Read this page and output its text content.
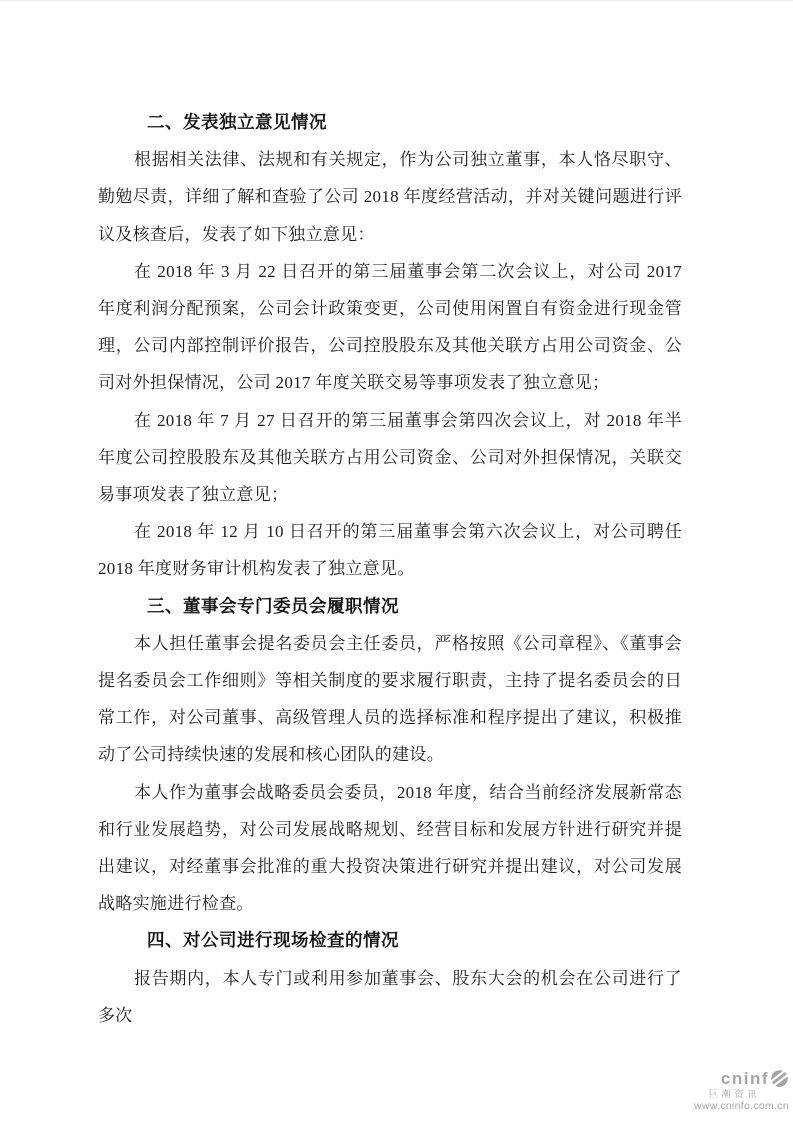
二、发表独立意见情况

根据相关法律、法规和有关规定，作为公司独立董事，本人恪尽职守、勤勉尽责，详细了解和查验了公司 2018 年度经营活动，并对关键问题进行评议及核查后，发表了如下独立意见：

在 2018 年 3 月 22 日召开的第三届董事会第二次会议上，对公司 2017 年度利润分配预案，公司会计政策变更，公司使用闲置自有资金进行现金管理，公司内部控制评价报告，公司控股股东及其他关联方占用公司资金、公司对外担保情况，公司 2017 年度关联交易等事项发表了独立意见；

在 2018 年 7 月 27 日召开的第三届董事会第四次会议上，对 2018 年半年度公司控股股东及其他关联方占用公司资金、公司对外担保情况，关联交易事项发表了独立意见；

在 2018 年 12 月 10 日召开的第三届董事会第六次会议上，对公司聘任 2018 年度财务审计机构发表了独立意见。

三、董事会专门委员会履职情况

本人担任董事会提名委员会主任委员，严格按照《公司章程》、《董事会提名委员会工作细则》等相关制度的要求履行职责，主持了提名委员会的日常工作，对公司董事、高级管理人员的选择标准和程序提出了建议，积极推动了公司持续快速的发展和核心团队的建设。

本人作为董事会战略委员会委员，2018 年度，结合当前经济发展新常态和行业发展趋势，对公司发展战略规划、经营目标和发展方针进行研究并提出建议，对经董事会批准的重大投资决策进行研究并提出建议，对公司发展战略实施进行检查。

四、对公司进行现场检查的情况

报告期内，本人专门或利用参加董事会、股东大会的机会在公司进行了多次

cninf
巨潮资讯
www.cninfo.com.cn
